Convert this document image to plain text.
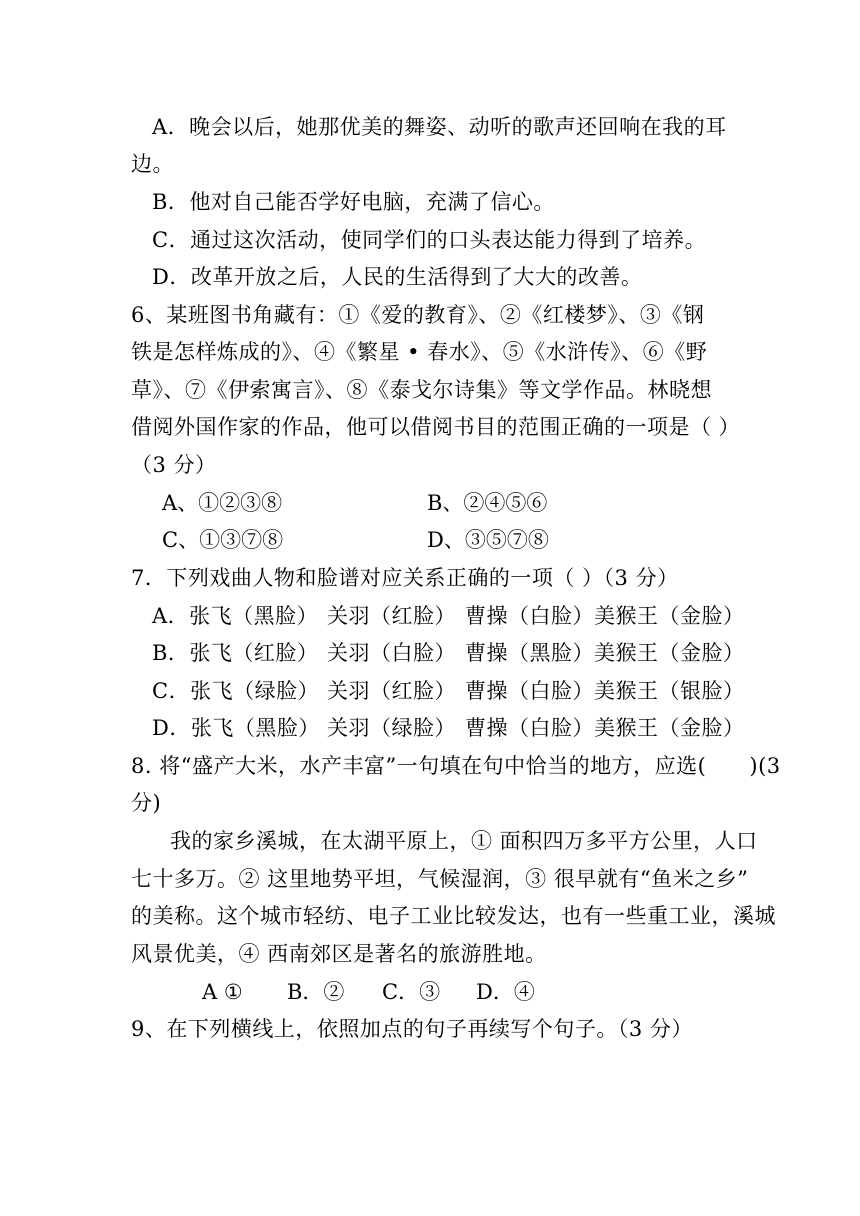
A．晚会以后，她那优美的舞姿、动听的歌声还回响在我的耳
边。
B．他对自己能否学好电脑，充满了信心。
C．通过这次活动，使同学们的口头表达能力得到了培养。
D．改革开放之后，人民的生活得到了大大的改善。
6、某班图书角藏有：①《爱的教育》、②《红楼梦》、③《钢
铁是怎样炼成的》、④《繁星 • 春水》、⑤《水浒传》、⑥《野
草》、⑦《伊索寓言》、⑧《泰戈尔诗集》等文学作品。林晓想
借阅外国作家的作品，他可以借阅书目的范围正确的一项是（ ）
（3 分）
A、①②③⑧	B、②④⑤⑥
C、①③⑦⑧	D、③⑤⑦⑧
7．下列戏曲人物和脸谱对应关系正确的一项（ ）（3 分）
A．张飞（黑脸） 关羽（红脸） 曹操（白脸）美猴王（金脸）
B．张飞（红脸） 关羽（白脸） 曹操（黑脸）美猴王（金脸）
C．张飞（绿脸） 关羽（红脸） 曹操（白脸）美猴王（银脸）
D．张飞（黑脸） 关羽（绿脸） 曹操（白脸）美猴王（金脸）
8. 将“盛产大米，水产丰富”一句填在句中恰当的地方，应选(　　)(3
分)
我的家乡溪城，在太湖平原上，① 面积四万多平方公里，人口
七十多万。② 这里地势平坦，气候湿润，③ 很早就有“鱼米之乡”
的美称。这个城市轻纺、电子工业比较发达，也有一些重工业，溪城
风景优美，④ 西南郊区是著名的旅游胜地。
A ① B．② C．③ D．④
9、在下列横线上，依照加点的句子再续写个句子。（3 分）
